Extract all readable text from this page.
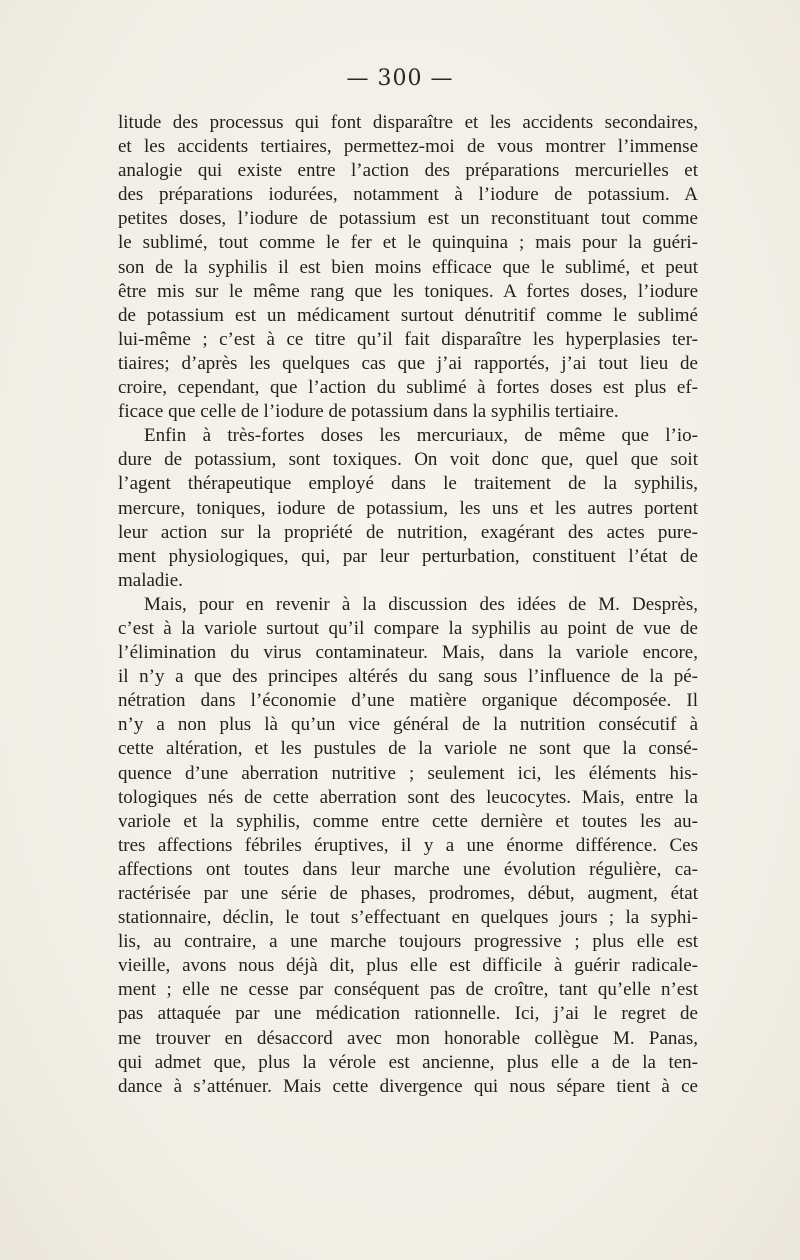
— 300 —
litude des processus qui font disparaître et les accidents secondaires,
et les accidents tertiaires, permettez-moi de vous montrer l’immense
analogie qui existe entre l’action des préparations mercurielles et
des préparations iodurées, notamment à l’iodure de potassium. A
petites doses, l’iodure de potassium est un reconstituant tout comme
le sublimé, tout comme le fer et le quinquina ; mais pour la guéri-
son de la syphilis il est bien moins efficace que le sublimé, et peut
être mis sur le même rang que les toniques. A fortes doses, l’iodure
de potassium est un médicament surtout dénutritif comme le sublimé
lui-même ; c’est à ce titre qu’il fait disparaître les hyperplasies ter-
tiaires; d’après les quelques cas que j’ai rapportés, j’ai tout lieu de
croire, cependant, que l’action du sublimé à fortes doses est plus ef-
ficace que celle de l’iodure de potassium dans la syphilis tertiaire.
Enfin à très-fortes doses les mercuriaux, de même que l’io-
dure de potassium, sont toxiques. On voit donc que, quel que soit
l’agent thérapeutique employé dans le traitement de la syphilis,
mercure, toniques, iodure de potassium, les uns et les autres portent
leur action sur la propriété de nutrition, exagérant des actes pure-
ment physiologiques, qui, par leur perturbation, constituent l’état de
maladie.
Mais, pour en revenir à la discussion des idées de M. Desprès,
c’est à la variole surtout qu’il compare la syphilis au point de vue de
l’élimination du virus contaminateur. Mais, dans la variole encore,
il n’y a que des principes altérés du sang sous l’influence de la pé-
nétration dans l’économie d’une matière organique décomposée. Il
n’y a non plus là qu’un vice général de la nutrition consécutif à
cette altération, et les pustules de la variole ne sont que la consé-
quence d’une aberration nutritive ; seulement ici, les éléments his-
tologiques nés de cette aberration sont des leucocytes. Mais, entre la
variole et la syphilis, comme entre cette dernière et toutes les au-
tres affections fébriles éruptives, il y a une énorme différence. Ces
affections ont toutes dans leur marche une évolution régulière, ca-
ractérisée par une série de phases, prodromes, début, augment, état
stationnaire, déclin, le tout s’effectuant en quelques jours ; la syphi-
lis, au contraire, a une marche toujours progressive ; plus elle est
vieille, avons nous déjà dit, plus elle est difficile à guérir radicale-
ment ; elle ne cesse par conséquent pas de croître, tant qu’elle n’est
pas attaquée par une médication rationnelle. Ici, j’ai le regret de
me trouver en désaccord avec mon honorable collègue M. Panas,
qui admet que, plus la vérole est ancienne, plus elle a de la ten-
dance à s’atténuer. Mais cette divergence qui nous sépare tient à ce
